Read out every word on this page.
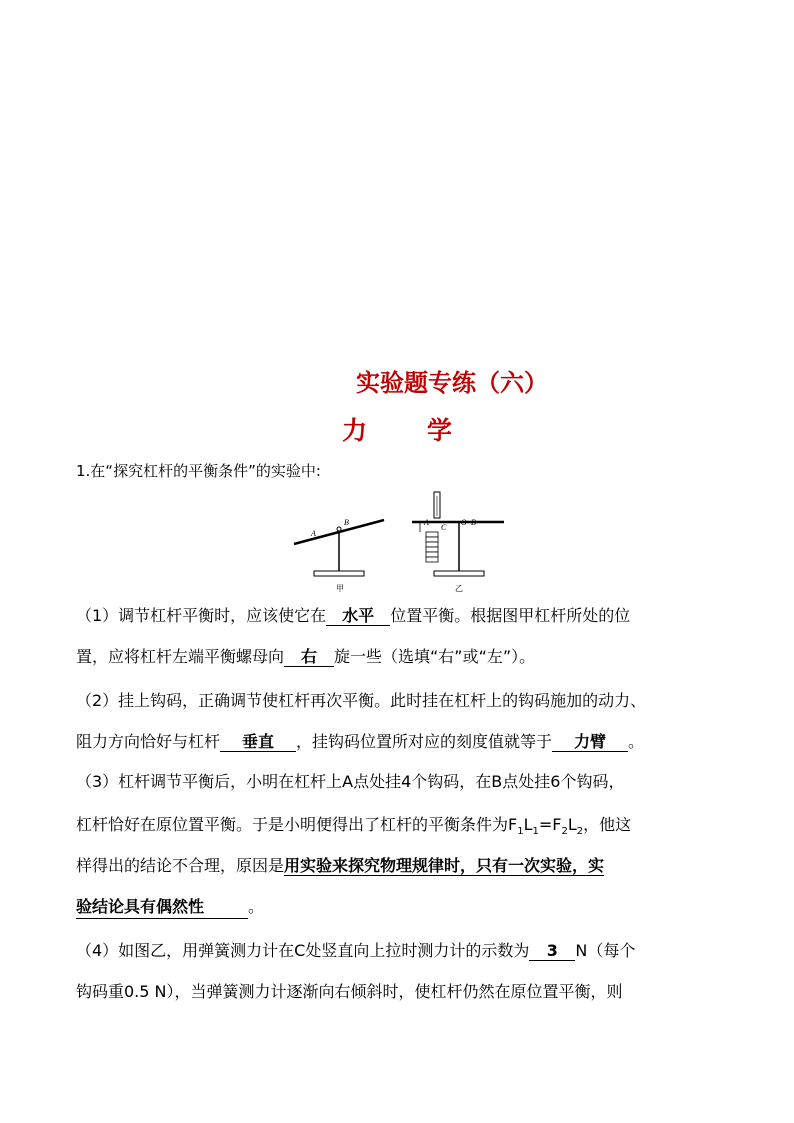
实验题专练（六）
力 学
1.在“探究杠杆的平衡条件”的实验中:
A
B
甲
A
C
O B
乙
（1）调节杠杆平衡时，应该使它在 水平 位置平衡。根据图甲杠杆所处的位
置，应将杠杆左端平衡螺母向 右 旋一些（选填“右”或“左”）。
（2）挂上钩码，正确调节使杠杆再次平衡。此时挂在杠杆上的钩码施加的动力、
阻力方向恰好与杠杆 垂直 ，挂钩码位置所对应的刻度值就等于 力臂 。
（3）杠杆调节平衡后，小明在杠杆上A点处挂4个钩码，在B点处挂6个钩码，
杠杆恰好在原位置平衡。于是小明便得出了杠杆的平衡条件为$F_1L_1=F_2L_2$，他这
样得出的结论不合理，原因是用实验来探究物理规律时，只有一次实验，实
验结论具有偶然性	。
（4）如图乙，用弹簧测力计在C处竖直向上拉时测力计的示数为 3 N（每个
钩码重0.5 N），当弹簧测力计逐渐向右倾斜时，使杠杆仍然在原位置平衡，则
